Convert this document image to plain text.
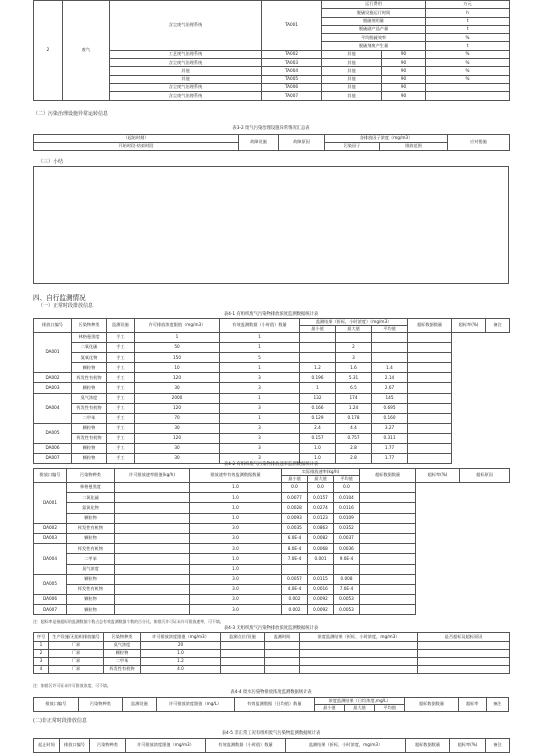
2	废气	含尘废气治理系统	TA001	运行费用		万元
				脱硫设施运行时间		h
				脱硫剂用量		t
				脱硫副产品产量		t
				平均脱硫效率		%
				脱硫剂废产生量		t
		工艺废气治理系统	TA002	其他	90	%
		含尘废气治理系统	TA003	其他	90	%
		其他	TA004	其他	90	%
		其他	TA005	其他	90	%
		含尘废气治理系统	TA006	其他	90	
		含尘废气治理系统	TA007	其他	90	
（二）污染治理设施异常运转信息
表3-2 废气污染治理设施异常情况汇总表
（起始时刻）	故障设施	故障原因	各排放因子浓度（mg/m3）		应对措施
开始时段-结束时段			污染因子	排放范围	
（三）小结
四、自行监测情况
（一）正常时段排放信息
表4-1 有组织废气污染物排放浓度监测数据统计表
排放口编号	污染物种类	监测设施	许可排放浓度限值（mg/m3）	有效监测数据（小时值）数量	监测结果（折标，小时浓度）（mg/m3）			超标数据数量	超标率(%)	备注
					最小值	最大值	平均值			
DA001	林格曼黑度	手工	1	1						
	二氧化硫	手工	50	1		2				
	氮氧化物	手工	150	5		3				
	颗粒物	手工	10	1	1.2	1.6	1.4			
DA002	挥发性有机物	手工	120	3	0.196	5.31	2.14			
DA003	颗粒物	手工	30	3	1	6.5	2.67			
DA004	臭气浓度	手工	2000	1	132	174	145			
	挥发性有机物	手工	120	3	0.166	1.24	0.695			
	二甲苯	手工	70	1	0.129	0.178	0.160			
DA005	颗粒物	手工	30	3	2.4	4.4	3.27			
	挥发性有机物	手工	120	3	0.157	0.757	0.311			
DA006	颗粒物	手工	30	3	1.0	2.8	1.77			
DA007	颗粒物	手工	30	3	1.0	2.8	1.77			
表4-2 有组织废气污染物排放速率监测数据统计表
排放口编号	污染物种类	许可排放速率限值(kg/h)	排放速率有效监测数据数量	实际排放速率(kg/h)			超标数据数量	超标率(%)	超标原因
				最小值	最大值	平均值			
DA001	林格曼黑度		1.0	0.0	0.0	0.0			
	二氧化硫		1.0	0.0077	0.0157	0.0104			
	氮氧化物		1.0	0.0028	0.0274	0.0116			
	颗粒物		1.0	0.0093	0.0123	0.0109			
DA002	挥发性有机物		3.0	0.0035	0.0863	0.0352			
DA003	颗粒物		3.0	6.0E-4	0.0082	0.0037			
DA004	挥发性有机物		3.0	8.0E-4	0.0068	0.0036			
	二甲苯		1.0	7.0E-4	0.001	9.0E-4			
	臭气浓度		1.0						
DA005	颗粒物		3.0	0.0057	0.0115	0.008			
	挥发性有机物		3.0	4.0E-4	0.0016	7.0E-4			
DA006	颗粒物		3.0	0.002	0.0092	0.0053			
DA007	颗粒物		3.0	0.002	0.0092	0.0053			
注：超标率是指超标的监测数据个数占总有效监测数据个数的百分比。如排污许可证未许可排放速率，可不填。
表4-3 无组织废气污染物排放浓度监测数据统计表
序号	生产设施/无组织排放编号	污染物种类	许可排放浓度限值（mg/m3）	监测点位/设施	监测时间	浓度监测结果（折标，小时浓度，mg/m3）	是否超标及超标原因
1	厂界	臭气浓度	20				
2	厂界	颗粒物	1.0				
3	厂界	二甲苯	1.2				
4	厂界	挥发性有机物	4.0				
注：如排污许可证未许可排放浓度，可不填。
表4-4 废水污染物排放浓度监测数据统计表
排放口编号	污染物种类	监测设施	许可排放浓度限值（mg/L）	有效监测数据（日均值）数量	浓度监测结果（日均浓度,mg/L）			超标数据数量	超标率	备注
					最小值	最大值	平均值			
(二)非正常时段排放信息
表4-5 非正常工况有组织废气污染物监测数据统计表
起止时间	排放口编号	污染物种类	许可排放浓度限值（mg/m3）	有效监测数据（小时值）数量	监测结果（折标，小时浓度，mg/m3）	超标数据数量	超标率(%)	备注
